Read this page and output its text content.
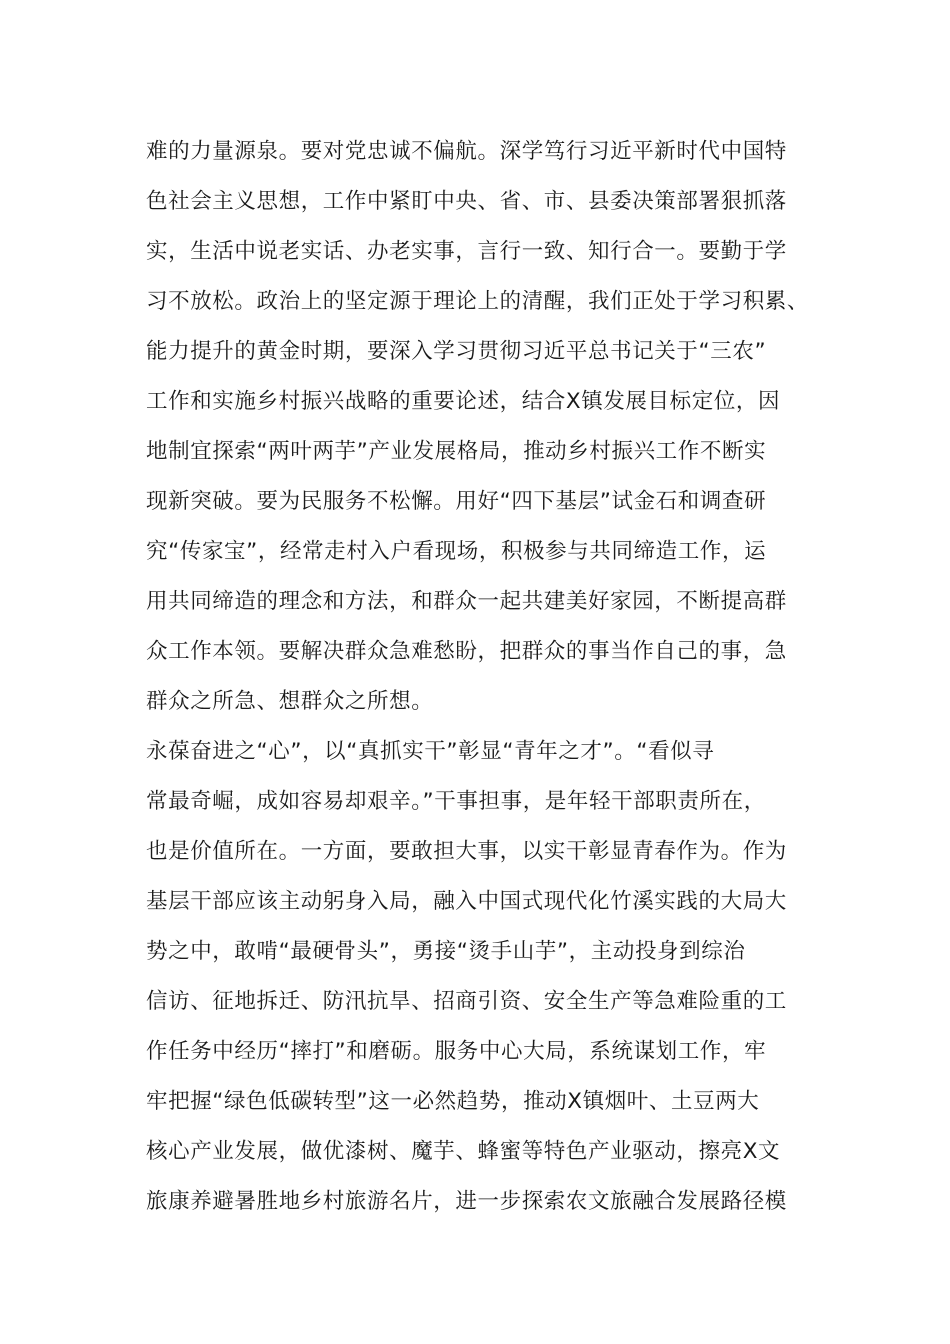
难的力量源泉。要对党忠诚不偏航。深学笃行习近平新时代中国特
色社会主义思想，工作中紧盯中央、省、市、县委决策部署狠抓落
实，生活中说老实话、办老实事，言行一致、知行合一。要勤于学
习不放松。政治上的坚定源于理论上的清醒，我们正处于学习积累、
能力提升的黄金时期，要深入学习贯彻习近平总书记关于“三农”
工作和实施乡村振兴战略的重要论述，结合X镇发展目标定位，因
地制宜探索“两叶两芋”产业发展格局，推动乡村振兴工作不断实
现新突破。要为民服务不松懈。用好“四下基层”试金石和调查研
究“传家宝”，经常走村入户看现场，积极参与共同缔造工作，运
用共同缔造的理念和方法，和群众一起共建美好家园，不断提高群
众工作本领。要解决群众急难愁盼，把群众的事当作自己的事，急
群众之所急、想群众之所想。
永葆奋进之“心”，以“真抓实干”彰显“青年之才”。“看似寻
常最奇崛，成如容易却艰辛。”干事担事，是年轻干部职责所在，
也是价值所在。一方面，要敢担大事，以实干彰显青春作为。作为
基层干部应该主动躬身入局，融入中国式现代化竹溪实践的大局大
势之中，敢啃“最硬骨头”，勇接“烫手山芋”，主动投身到综治
信访、征地拆迁、防汛抗旱、招商引资、安全生产等急难险重的工
作任务中经历“摔打”和磨砺。服务中心大局，系统谋划工作，牢
牢把握“绿色低碳转型”这一必然趋势，推动X镇烟叶、土豆两大
核心产业发展，做优漆树、魔芋、蜂蜜等特色产业驱动，擦亮X文
旅康养避暑胜地乡村旅游名片，进一步探索农文旅融合发展路径模
